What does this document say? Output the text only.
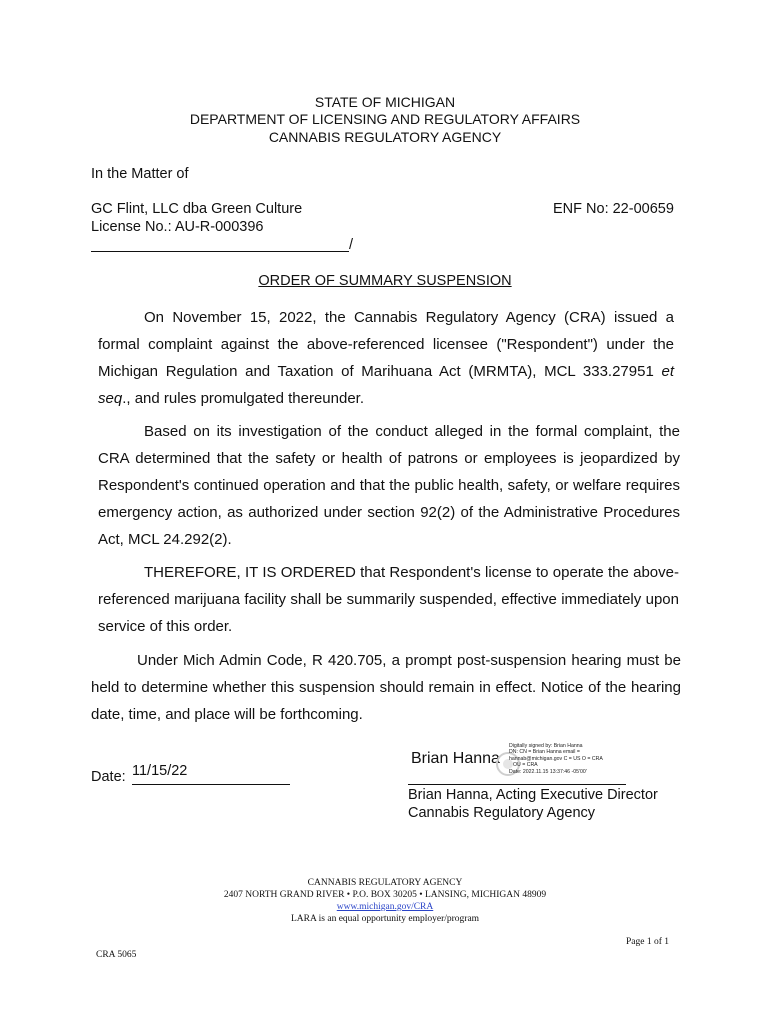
STATE OF MICHIGAN
DEPARTMENT OF LICENSING AND REGULATORY AFFAIRS
CANNABIS REGULATORY AGENCY
In the Matter of
GC Flint, LLC dba Green Culture	ENF No: 22-00659
License No.: AU-R-000396
/
ORDER OF SUMMARY SUSPENSION
On November 15, 2022, the Cannabis Regulatory Agency (CRA) issued a formal complaint against the above-referenced licensee ("Respondent") under the Michigan Regulation and Taxation of Marihuana Act (MRMTA), MCL 333.27951 et seq., and rules promulgated thereunder.
Based on its investigation of the conduct alleged in the formal complaint, the CRA determined that the safety or health of patrons or employees is jeopardized by Respondent's continued operation and that the public health, safety, or welfare requires emergency action, as authorized under section 92(2) of the Administrative Procedures Act, MCL 24.292(2).
THEREFORE, IT IS ORDERED that Respondent's license to operate the above-referenced marijuana facility shall be summarily suspended, effective immediately upon service of this order.
Under Mich Admin Code, R 420.705, a prompt post-suspension hearing must be held to determine whether this suspension should remain in effect. Notice of the hearing date, time, and place will be forthcoming.
Date: 11/15/22
Brian Hanna
Digitally signed by: Brian Hanna
DN: CN = Brian Hanna email =
hannab@michigan.gov C = US O = CRA
OU = CRA
Date: 2022.11.15 13:37:46 -05'00'
Brian Hanna, Acting Executive Director
Cannabis Regulatory Agency
CANNABIS REGULATORY AGENCY
2407 NORTH GRAND RIVER • P.O. BOX 30205 • LANSING, MICHIGAN 48909
www.michigan.gov/CRA
LARA is an equal opportunity employer/program
Page 1 of 1
CRA 5065
